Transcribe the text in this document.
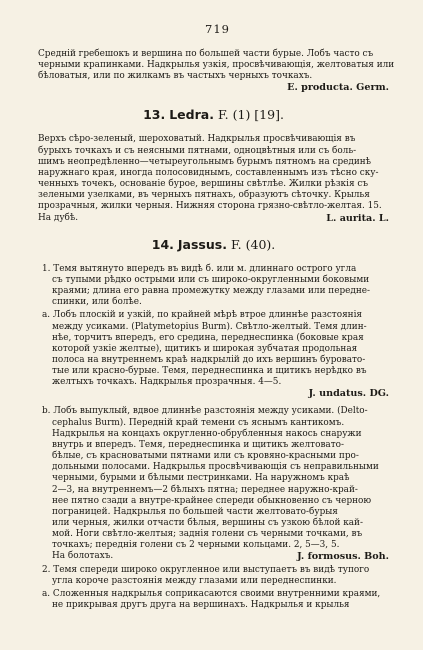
719
Средній гребешокъ и вершина по большей части бурые. Лобъ часто съ
черными крапинками. Надкрылья узкія, просвѣчивающія, желтоватыя или
бѣловатыя, или по жилкамъ въ частыхъ черныхъ точкахъ.
E. producta. Germ.
13. Ledra. F. (1) [19].
Верхъ сѣро-зеленый, шероховатый. Надкрылья просвѣчивающія въ
бурыхъ точкахъ и съ неясными пятнами, одноцвѣтныя или съ боль-
шимъ неопредѣленно—четыреугольнымъ бурымъ пятномъ на срединѣ
наружнаго края, иногда полосовиднымъ, составленнымъ изъ тѣсно ску-
ченныхъ точекъ, основаніе бурое, вершины свѣтлѣе. Жилки рѣзкія съ
зелеными узелками, въ черныхъ пятнахъ, образуютъ сѣточку. Крылья
прозрачныя, жилки черныя. Нижняя сторона грязно-свѣтло-желтая. 15.
На дубѣ.	L. aurita. L.
14. Jassus. F. (40).
1. Темя вытянуто впередъ въ видѣ б. или м. длиннаго острого угла
съ тупыми рѣдко острыми или съ широко-округленными боковыми
краями; длина его равна промежутку между глазами или передне-
спинки, или болѣе.
а. Лобъ плоскій и узкій, по крайней мѣрѣ втрое длиннѣе разстоянія
между усиками. (Platymetopius Burm). Свѣтло-желтый. Темя длин-
нѣе, торчитъ впередъ, его средина, переднеспинка (боковые края
которой узкіе желтые), щитикъ и широкая зубчатая продольная
полоса на внутреннемъ краѣ надкрылій до ихъ вершинъ буровато-
тые или красно-бурые. Темя, переднеспинка и щитикъ нерѣдко въ
желтыхъ точкахъ. Надкрылья прозрачныя. 4—5.
J. undatus. DG.
b. Лобъ выпуклый, вдвое длиннѣе разстоянія между усиками. (Delto-
cephalus Burm). Передній край темени съ яснымъ кантикомъ.
Надкрылья на концахъ округленно-обрубленныя накось снаружи
внутрь и впередъ. Темя, переднеспинка и щитикъ желтовато-
бѣлые, съ красноватыми пятнами или съ кровяно-красными про-
дольными полосами. Надкрылья просвѣчивающія съ неправильными
черными, бурыми и бѣлыми пестринками. На наружномъ краѣ
2—3, на внутреннемъ—2 бѣлыхъ пятна; переднее наружно-край-
нее пятно сзади а внутре-крайнее спереди обыкновенно съ черною
пограницей. Надкрылья по большей части желтовато-бурыя
или черныя, жилки отчасти бѣлыя, вершины съ узкою бѣлой кай-
мой. Ноги свѣтло-желтыя; заднія голени съ черными точками, въ
точкахъ; переднія голени съ 2 черными кольцами. 2, 5—3, 5.
На болотахъ.	J. formosus. Boh.
2. Темя спереди широко округленное или выступаетъ въ видѣ тупого
угла короче разстоянія между глазами или переднеспинки.
а. Сложенныя надкрылья соприкасаются своими внутренними краями,
не прикрывая другъ друга на вершинахъ. Надкрылья и крылья
